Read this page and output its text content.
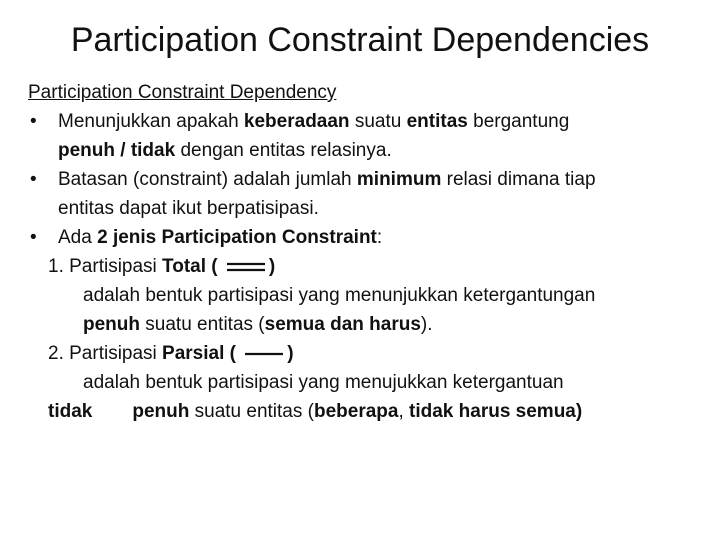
Participation Constraint Dependencies

Participation Constraint Dependency

• Menunjukkan apakah keberadaan suatu entitas bergantung
penuh / tidak dengan entitas relasinya.
• Batasan (constraint) adalah jumlah minimum relasi dimana tiap
entitas dapat ikut berpatisipasi.
• Ada 2 jenis Participation Constraint:

1. Partisipasi Total (	)

adalah bentuk partisipasi yang menunjukkan ketergantungan
penuh suatu entitas (semua dan harus).

2. Partisipasi Parsial (	)

adalah bentuk partisipasi yang menujukkan ketergantuan

tidak penuh suatu entitas (beberapa, tidak harus semua)
